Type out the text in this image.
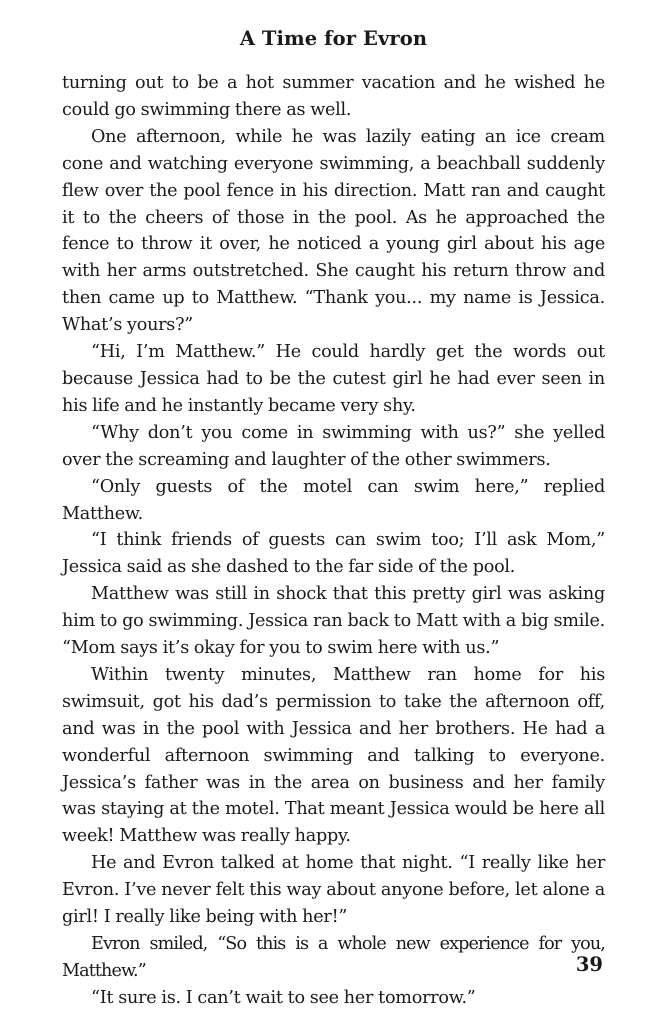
A Time for Evron

turning out to be a hot summer vacation and he wished he could go swimming there as well.

One afternoon, while he was lazily eating an ice cream cone and watching everyone swimming, a beachball suddenly flew over the pool fence in his direction. Matt ran and caught it to the cheers of those in the pool. As he approached the fence to throw it over, he noticed a young girl about his age with her arms outstretched. She caught his return throw and then came up to Matthew. “Thank you... my name is Jessica. What’s yours?”

“Hi, I’m Matthew.” He could hardly get the words out because Jessica had to be the cutest girl he had ever seen in his life and he instantly became very shy.

“Why don’t you come in swimming with us?” she yelled over the screaming and laughter of the other swimmers.

“Only guests of the motel can swim here,” replied Matthew.

“I think friends of guests can swim too; I’ll ask Mom,” Jessica said as she dashed to the far side of the pool.

Matthew was still in shock that this pretty girl was asking him to go swimming. Jessica ran back to Matt with a big smile. “Mom says it’s okay for you to swim here with us.”

Within twenty minutes, Matthew ran home for his swimsuit, got his dad’s permission to take the afternoon off, and was in the pool with Jessica and her brothers. He had a wonderful afternoon swimming and talking to everyone. Jessica’s father was in the area on business and her family was staying at the motel. That meant Jessica would be here all week! Matthew was really happy.

He and Evron talked at home that night. “I really like her Evron. I’ve never felt this way about anyone before, let alone a girl! I really like being with her!”

Evron smiled, “So this is a whole new experience for you, Matthew.”

“It sure is. I can’t wait to see her tomorrow.”

39
